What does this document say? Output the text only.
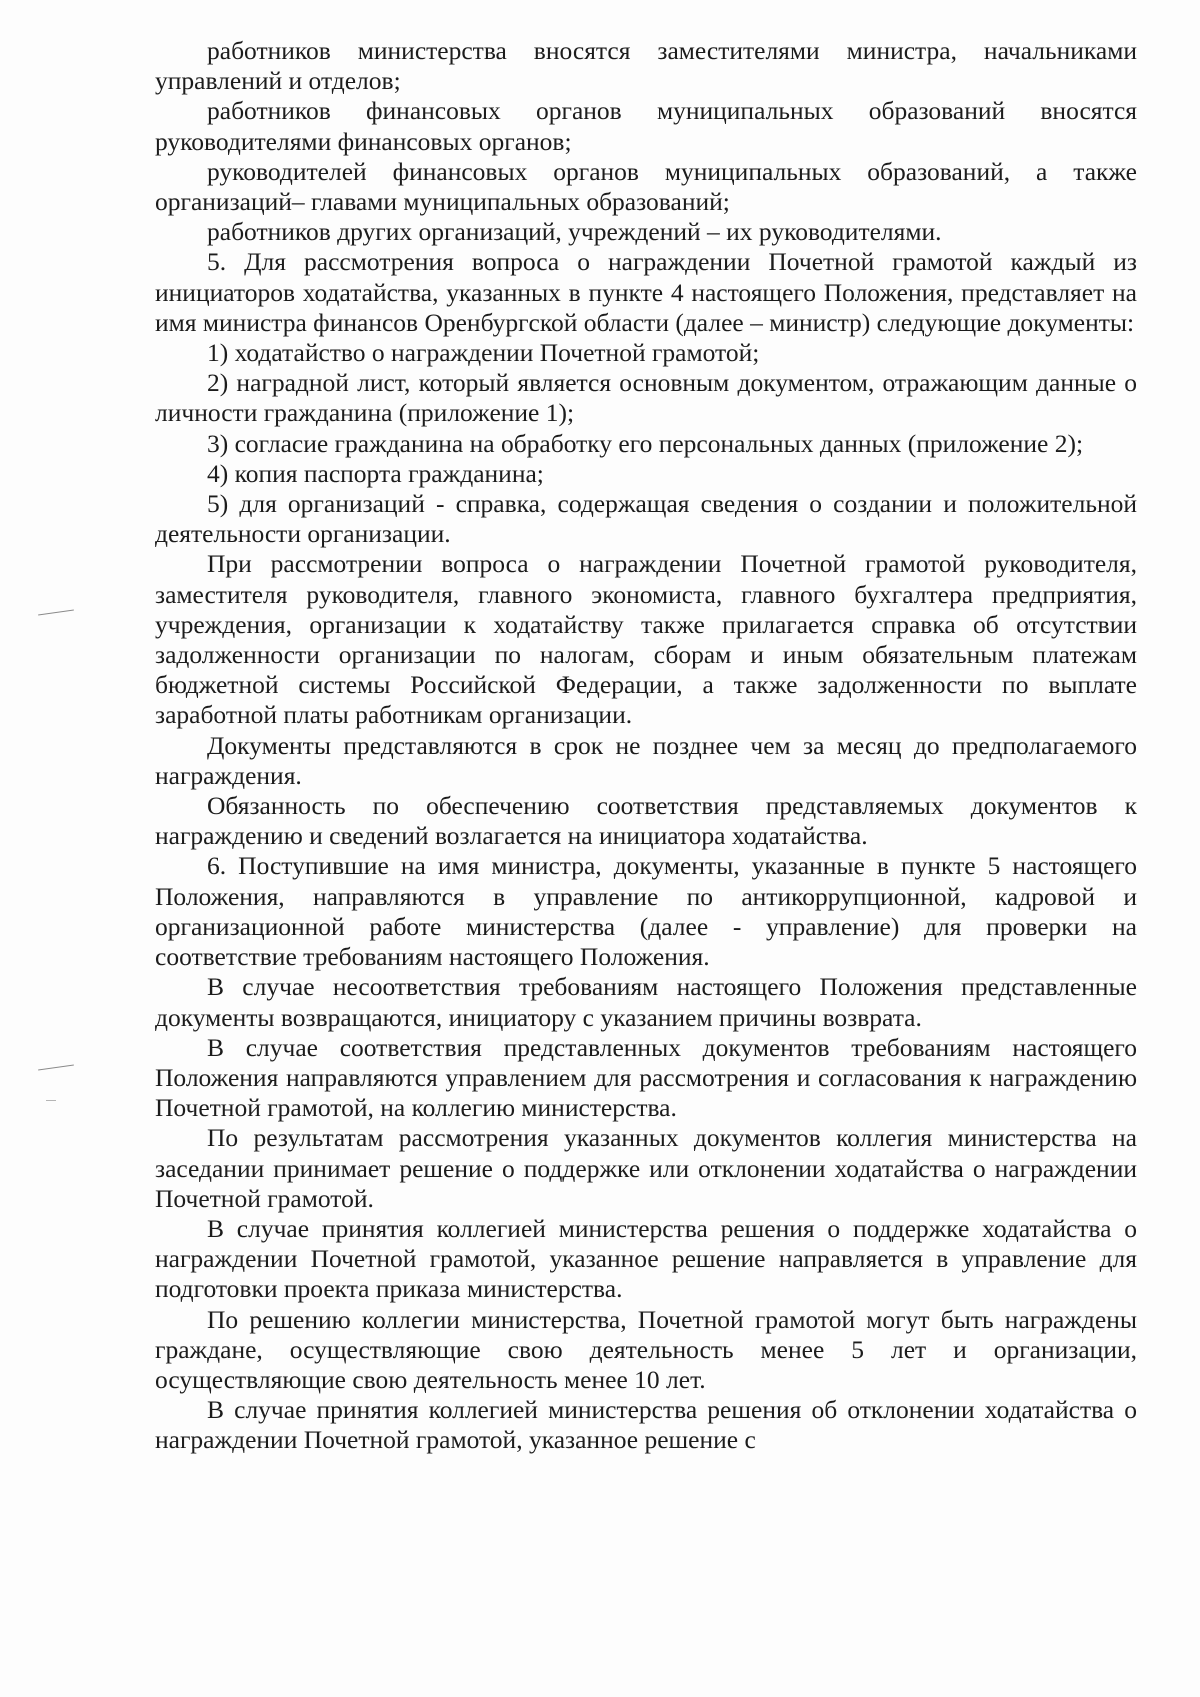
работников министерства вносятся заместителями министра, начальниками управлений и отделов;

работников финансовых органов муниципальных образований вносятся руководителями финансовых органов;

руководителей финансовых органов муниципальных образований, а также организаций– главами муниципальных образований;

работников других организаций, учреждений – их руководителями.

5. Для рассмотрения вопроса о награждении Почетной грамотой каждый из инициаторов ходатайства, указанных в пункте 4 настоящего Положения, представляет на имя министра финансов Оренбургской области (далее – министр) следующие документы:

1) ходатайство о награждении Почетной грамотой;

2) наградной лист, который является основным документом, отражающим данные о личности гражданина (приложение 1);

3) согласие гражданина на обработку его персональных данных (приложение 2);

4) копия паспорта гражданина;

5) для организаций - справка, содержащая сведения о создании и положительной деятельности организации.

При рассмотрении вопроса о награждении Почетной грамотой руководителя, заместителя руководителя, главного экономиста, главного бухгалтера предприятия, учреждения, организации к ходатайству также прилагается справка об отсутствии задолженности организации по налогам, сборам и иным обязательным платежам бюджетной системы Российской Федерации, а также задолженности по выплате заработной платы работникам организации.

Документы представляются в срок не позднее чем за месяц до предполагаемого награждения.

Обязанность по обеспечению соответствия представляемых документов к награждению и сведений возлагается на инициатора ходатайства.

6. Поступившие на имя министра, документы, указанные в пункте 5 настоящего Положения, направляются в управление по антикоррупционной, кадровой и организационной работе министерства (далее - управление) для проверки на соответствие требованиям настоящего Положения.

В случае несоответствия требованиям настоящего Положения представленные документы возвращаются, инициатору с указанием причины возврата.

В случае соответствия представленных документов требованиям настоящего Положения направляются управлением для рассмотрения и согласования к награждению Почетной грамотой, на коллегию министерства.

По результатам рассмотрения указанных документов коллегия министерства на заседании принимает решение о поддержке или отклонении ходатайства о награждении Почетной грамотой.

В случае принятия коллегией министерства решения о поддержке ходатайства о награждении Почетной грамотой, указанное решение направляется в управление для подготовки проекта приказа министерства.

По решению коллегии министерства, Почетной грамотой могут быть награждены граждане, осуществляющие свою деятельность менее 5 лет и организации, осуществляющие свою деятельность менее 10 лет.

В случае принятия коллегией министерства решения об отклонении ходатайства о награждении Почетной грамотой, указанное решение с
